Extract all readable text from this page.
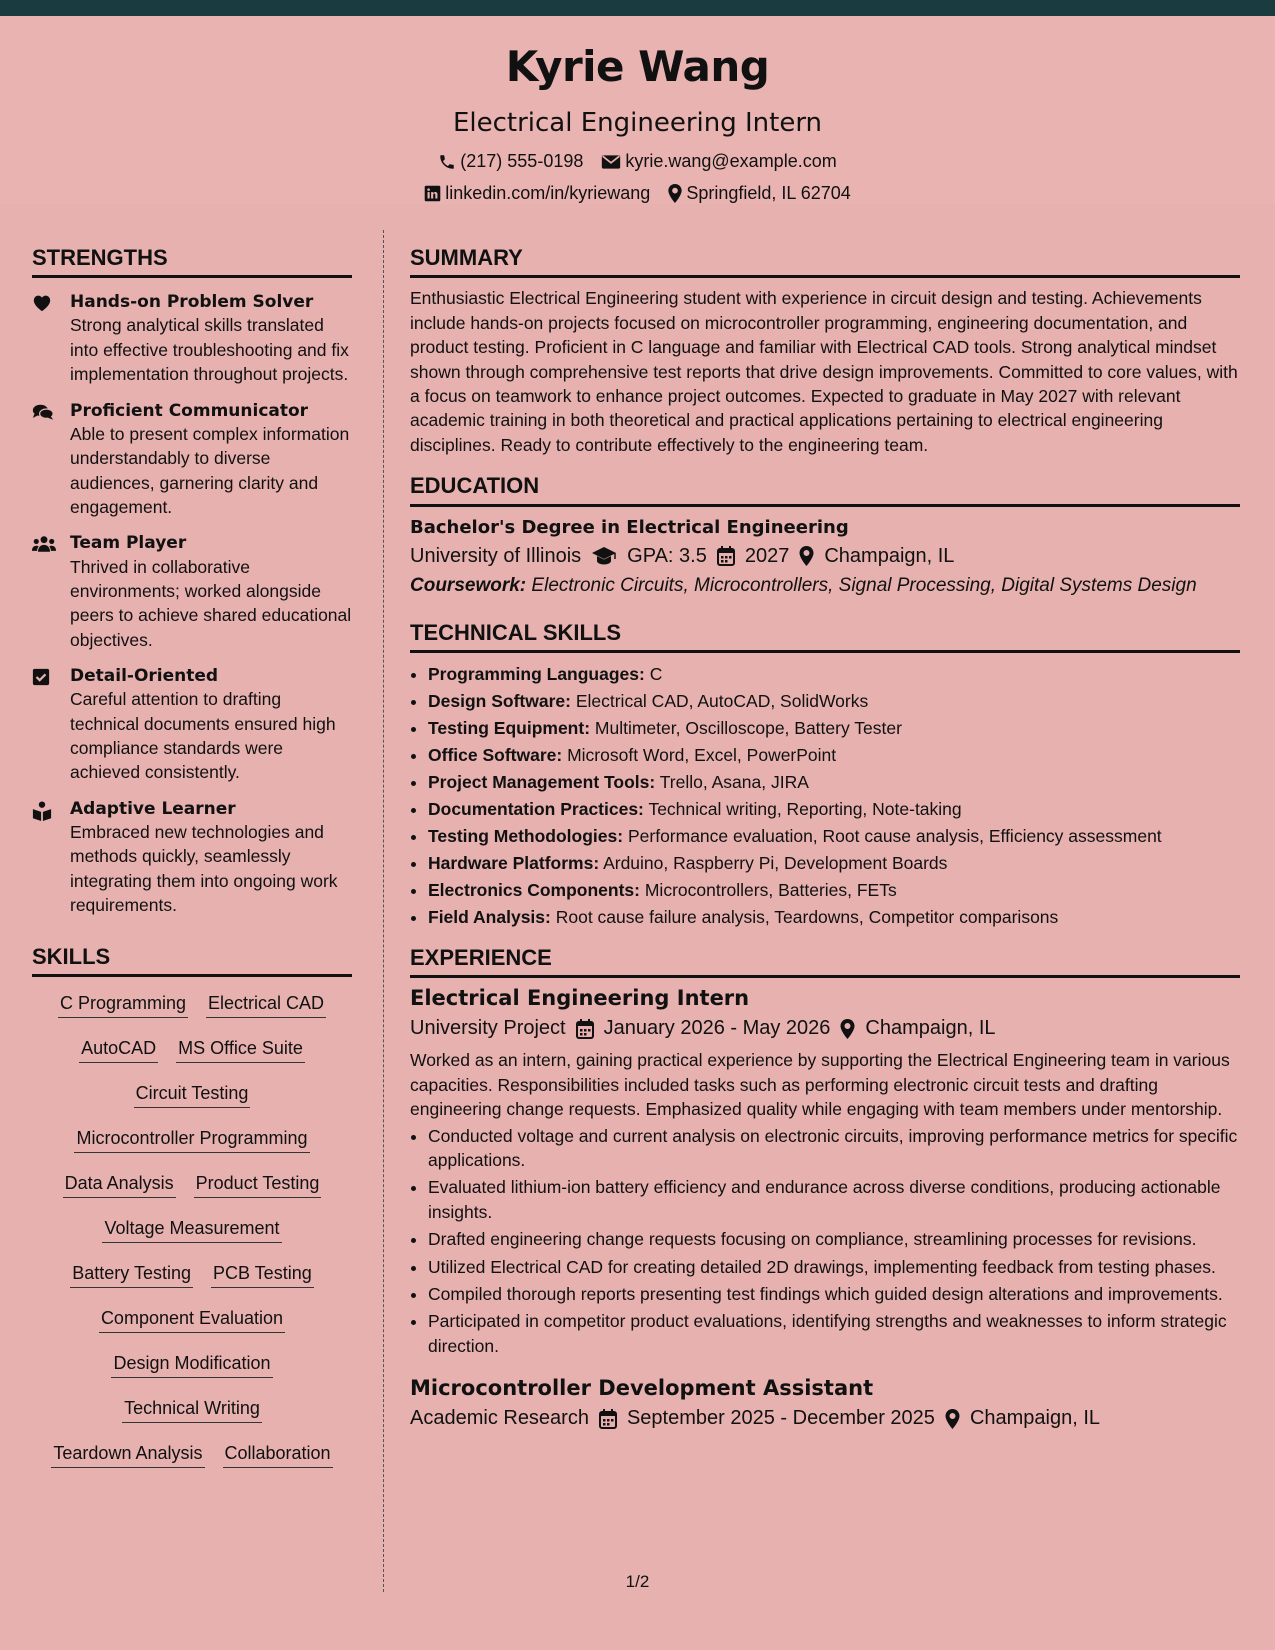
Kyrie Wang
Electrical Engineering Intern
(217) 555-0198 kyrie.wang@example.com
linkedin.com/in/kyriewang Springfield, IL 62704
STRENGTHS
Hands-on Problem Solver
Strong analytical skills translated into effective troubleshooting and fix implementation throughout projects.
Proficient Communicator
Able to present complex information understandably to diverse audiences, garnering clarity and engagement.
Team Player
Thrived in collaborative environments; worked alongside peers to achieve shared educational objectives.
Detail-Oriented
Careful attention to drafting technical documents ensured high compliance standards were achieved consistently.
Adaptive Learner
Embraced new technologies and methods quickly, seamlessly integrating them into ongoing work requirements.
SKILLS
C Programming Electrical CAD
AutoCAD MS Office Suite
Circuit Testing
Microcontroller Programming
Data Analysis Product Testing
Voltage Measurement
Battery Testing PCB Testing
Component Evaluation
Design Modification
Technical Writing
Teardown Analysis Collaboration
SUMMARY
Enthusiastic Electrical Engineering student with experience in circuit design and testing. Achievements include hands-on projects focused on microcontroller programming, engineering documentation, and product testing. Proficient in C language and familiar with Electrical CAD tools. Strong analytical mindset shown through comprehensive test reports that drive design improvements. Committed to core values, with a focus on teamwork to enhance project outcomes. Expected to graduate in May 2027 with relevant academic training in both theoretical and practical applications pertaining to electrical engineering disciplines. Ready to contribute effectively to the engineering team.
EDUCATION
Bachelor's Degree in Electrical Engineering
University of Illinois GPA: 3.5 2027 Champaign, IL
Coursework: Electronic Circuits, Microcontrollers, Signal Processing, Digital Systems Design
TECHNICAL SKILLS
• Programming Languages: C
• Design Software: Electrical CAD, AutoCAD, SolidWorks
• Testing Equipment: Multimeter, Oscilloscope, Battery Tester
• Office Software: Microsoft Word, Excel, PowerPoint
• Project Management Tools: Trello, Asana, JIRA
• Documentation Practices: Technical writing, Reporting, Note-taking
• Testing Methodologies: Performance evaluation, Root cause analysis, Efficiency assessment
• Hardware Platforms: Arduino, Raspberry Pi, Development Boards
• Electronics Components: Microcontrollers, Batteries, FETs
• Field Analysis: Root cause failure analysis, Teardowns, Competitor comparisons
EXPERIENCE
Electrical Engineering Intern
University Project January 2026 - May 2026 Champaign, IL
Worked as an intern, gaining practical experience by supporting the Electrical Engineering team in various capacities. Responsibilities included tasks such as performing electronic circuit tests and drafting engineering change requests. Emphasized quality while engaging with team members under mentorship.
• Conducted voltage and current analysis on electronic circuits, improving performance metrics for specific applications.
• Evaluated lithium-ion battery efficiency and endurance across diverse conditions, producing actionable insights.
• Drafted engineering change requests focusing on compliance, streamlining processes for revisions.
• Utilized Electrical CAD for creating detailed 2D drawings, implementing feedback from testing phases.
• Compiled thorough reports presenting test findings which guided design alterations and improvements.
• Participated in competitor product evaluations, identifying strengths and weaknesses to inform strategic direction.
Microcontroller Development Assistant
Academic Research September 2025 - December 2025 Champaign, IL
1/2
